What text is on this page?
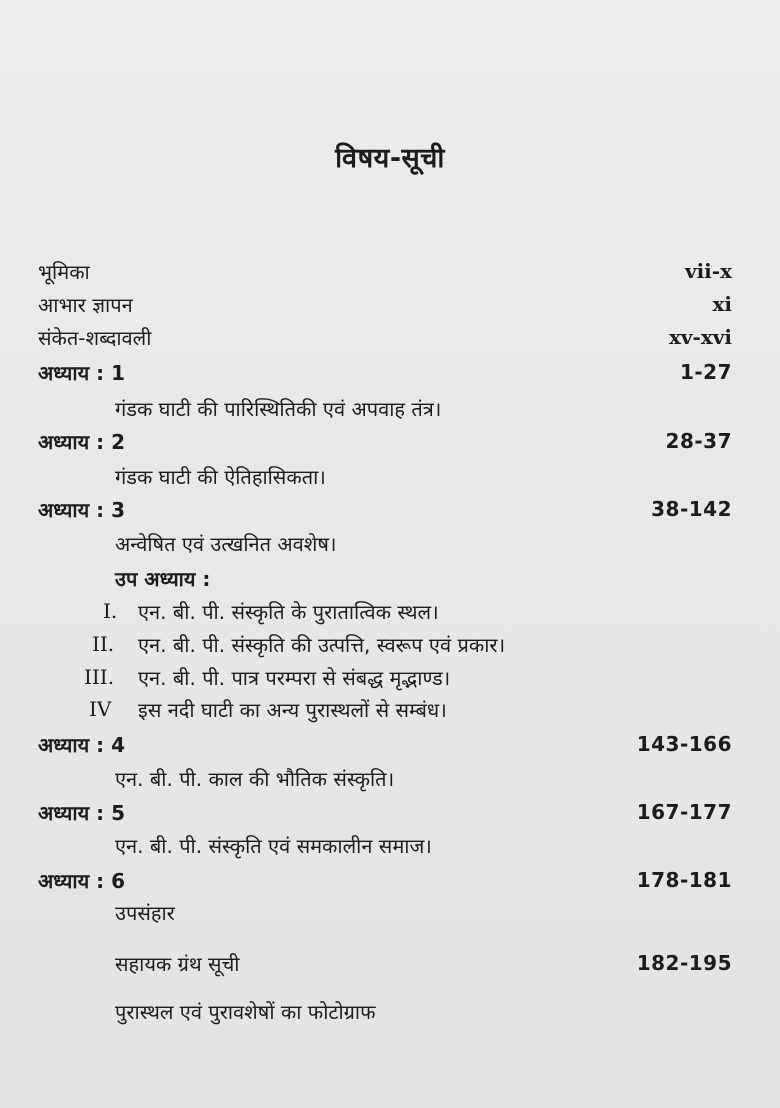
विषय-सूची
भूमिका	vii-x
आभार ज्ञापन	xi
संकेत-शब्दावली	xv-xvi
अध्याय : 1	1-27
गंडक घाटी की पारिस्थितिकी एवं अपवाह तंत्र।
अध्याय : 2	28-37
गंडक घाटी की ऐतिहासिकता।
अध्याय : 3	38-142
अन्वेषित एवं उत्खनित अवशेष।
उप अध्याय :
I. एन. बी. पी. संस्कृति के पुरातात्विक स्थल।
II. एन. बी. पी. संस्कृति की उत्पत्ति, स्वरूप एवं प्रकार।
III. एन. बी. पी. पात्र परम्परा से संबद्ध मृद्भाण्ड।
IV इस नदी घाटी का अन्य पुरास्थलों से सम्बंध।
अध्याय : 4	143-166
एन. बी. पी. काल की भौतिक संस्कृति।
अध्याय : 5	167-177
एन. बी. पी. संस्कृति एवं समकालीन समाज।
अध्याय : 6	178-181
उपसंहार
सहायक ग्रंथ सूची	182-195
पुरास्थल एवं पुरावशेषों का फोटोग्राफ
